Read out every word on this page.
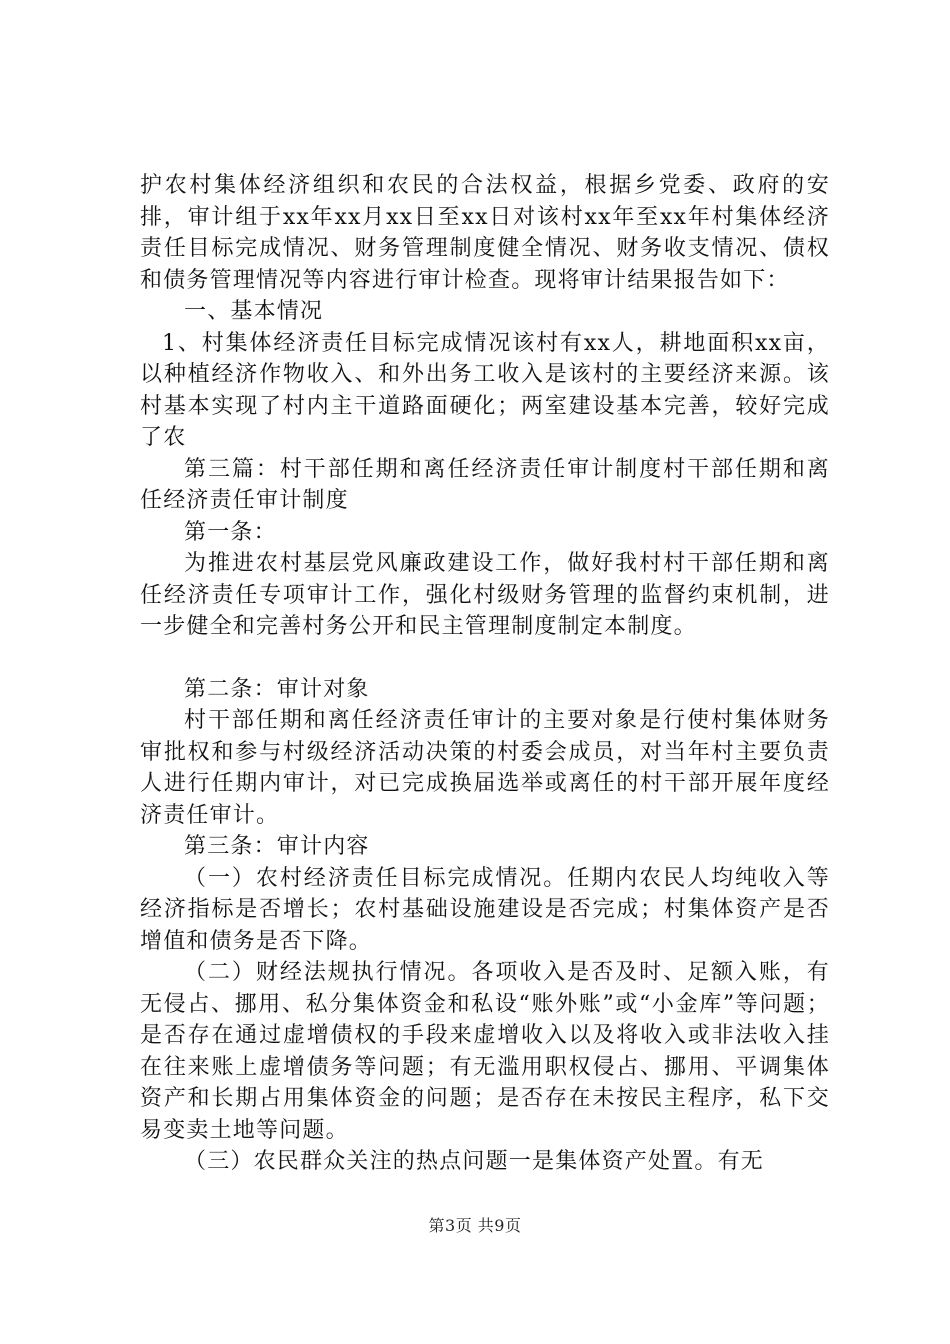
护农村集体经济组织和农民的合法权益，根据乡党委、政府的安排，审计组于xx年xx月xx日至xx日对该村xx年至xx年村集体经济责任目标完成情况、财务管理制度健全情况、财务收支情况、债权和债务管理情况等内容进行审计检查。现将审计结果报告如下：

一、基本情况

1、村集体经济责任目标完成情况该村有xx人，耕地面积xx亩，以种植经济作物收入、和外出务工收入是该村的主要经济来源。该村基本实现了村内主干道路面硬化；两室建设基本完善，较好完成了农

第三篇：村干部任期和离任经济责任审计制度村干部任期和离任经济责任审计制度

第一条：

为推进农村基层党风廉政建设工作，做好我村村干部任期和离任经济责任专项审计工作，强化村级财务管理的监督约束机制，进一步健全和完善村务公开和民主管理制度制定本制度。

第二条：审计对象

村干部任期和离任经济责任审计的主要对象是行使村集体财务审批权和参与村级经济活动决策的村委会成员，对当年村主要负责人进行任期内审计，对已完成换届选举或离任的村干部开展年度经济责任审计。

第三条：审计内容

（一）农村经济责任目标完成情况。任期内农民人均纯收入等经济指标是否增长；农村基础设施建设是否完成；村集体资产是否增值和债务是否下降。

（二）财经法规执行情况。各项收入是否及时、足额入账，有无侵占、挪用、私分集体资金和私设“账外账”或“小金库”等问题；是否存在通过虚增债权的手段来虚增收入以及将收入或非法收入挂在往来账上虚增债务等问题；有无滥用职权侵占、挪用、平调集体资产和长期占用集体资金的问题；是否存在未按民主程序，私下交易变卖土地等问题。

（三）农民群众关注的热点问题一是集体资产处置。有无

第3页 共9页
